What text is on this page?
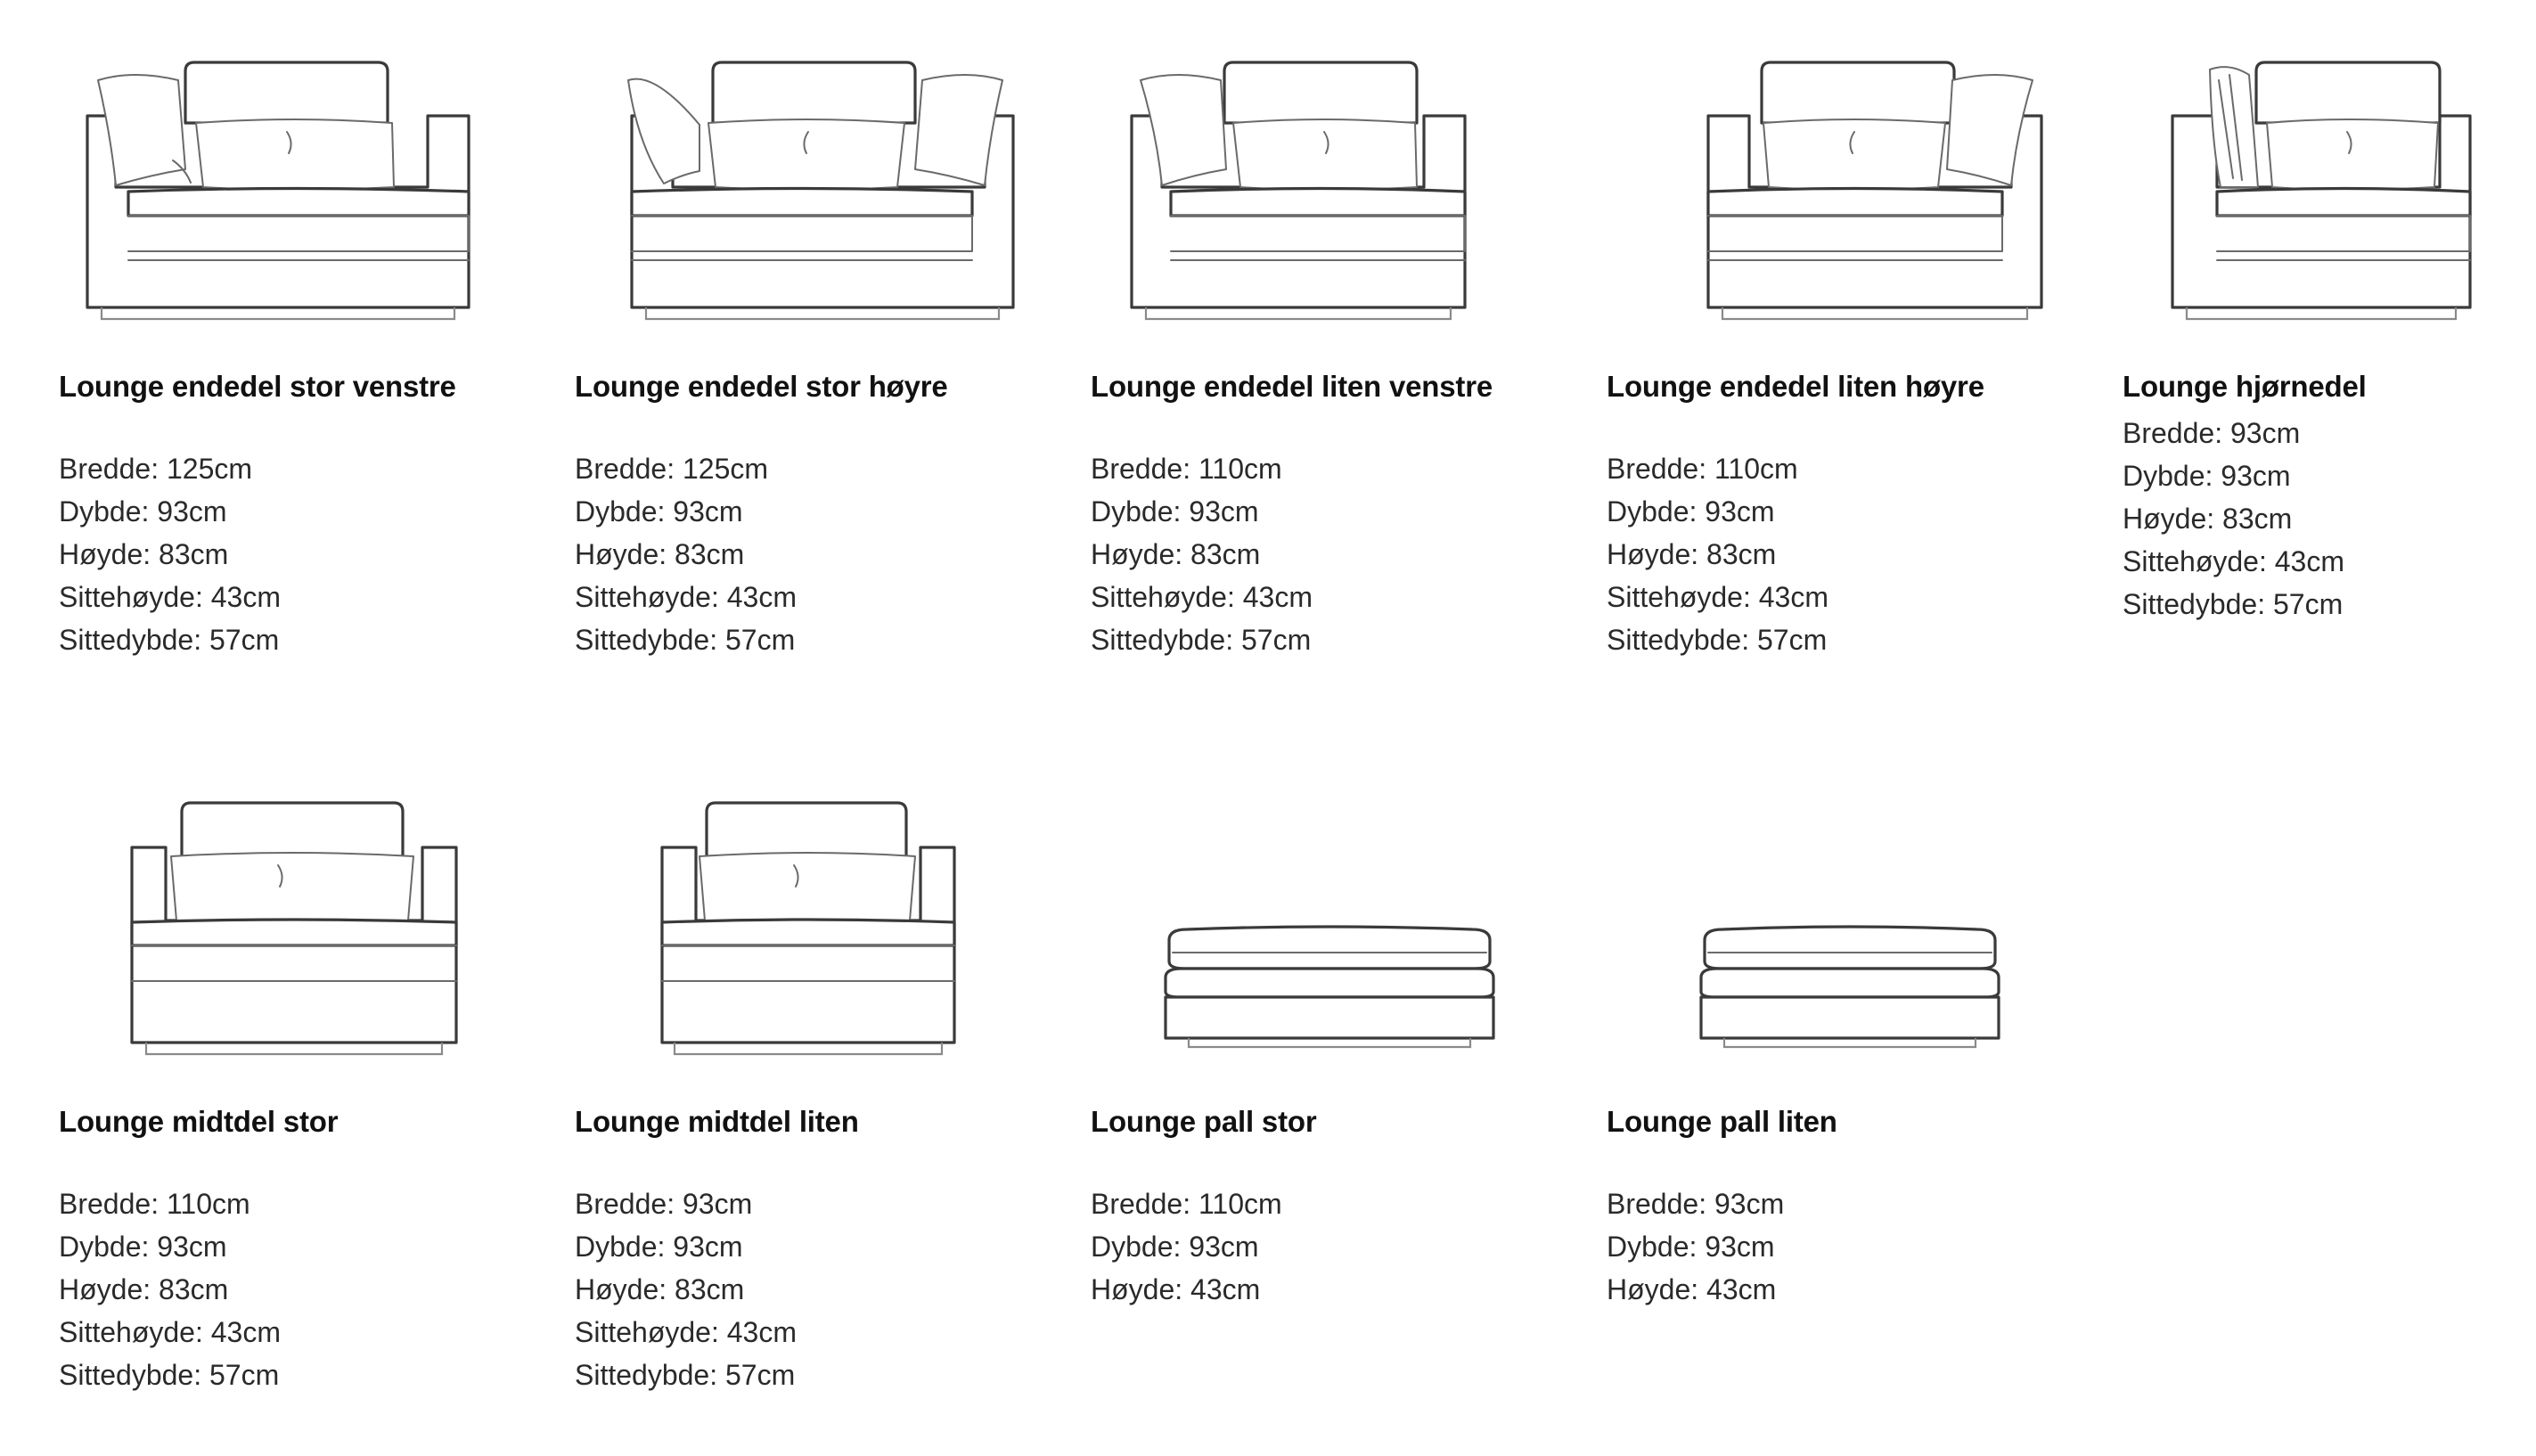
Lounge endedel stor venstre
Bredde: 125cm
Dybde: 93cm
Høyde: 83cm
Sittehøyde: 43cm
Sittedybde: 57cm
Lounge endedel stor høyre
Bredde: 125cm
Dybde: 93cm
Høyde: 83cm
Sittehøyde: 43cm
Sittedybde: 57cm
Lounge endedel liten venstre
Bredde: 110cm
Dybde: 93cm
Høyde: 83cm
Sittehøyde: 43cm
Sittedybde: 57cm
Lounge endedel liten høyre
Bredde: 110cm
Dybde: 93cm
Høyde: 83cm
Sittehøyde: 43cm
Sittedybde: 57cm
Lounge hjørnedel
Bredde: 93cm
Dybde: 93cm
Høyde: 83cm
Sittehøyde: 43cm
Sittedybde: 57cm
Lounge midtdel stor
Bredde: 110cm
Dybde: 93cm
Høyde: 83cm
Sittehøyde: 43cm
Sittedybde: 57cm
Lounge midtdel liten
Bredde: 93cm
Dybde: 93cm
Høyde: 83cm
Sittehøyde: 43cm
Sittedybde: 57cm
Lounge pall stor
Bredde: 110cm
Dybde: 93cm
Høyde: 43cm
Lounge pall liten
Bredde: 93cm
Dybde: 93cm
Høyde: 43cm
